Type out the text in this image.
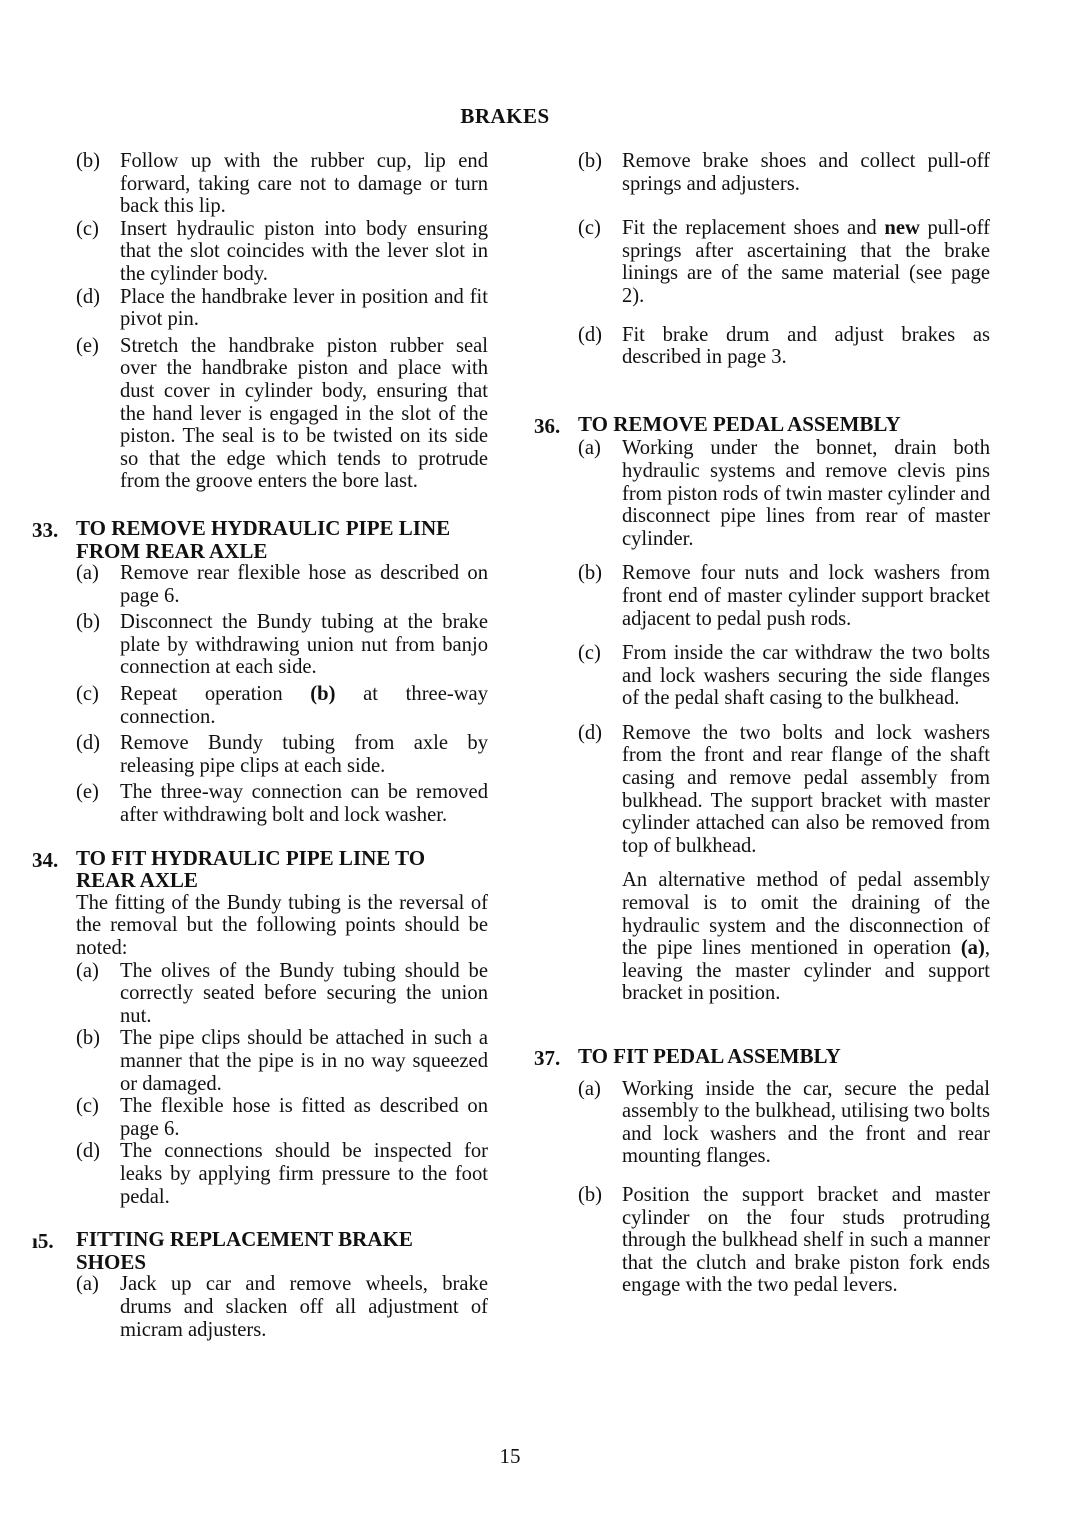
BRAKES
(b) Follow up with the rubber cup, lip end forward, taking care not to damage or turn back this lip.
(c)	Insert hydraulic piston into body ensuring that the slot coincides with the lever slot in the cylinder body.
(d) Place the handbrake lever in position and fit pivot pin.
(e)	Stretch the handbrake piston rubber seal over the handbrake piston and place with dust cover in cylinder body, ensuring that the hand lever is engaged in the slot of the piston. The seal is to be twisted on its side so that the edge which tends to protrude from the groove enters the bore last.
33. TO REMOVE HYDRAULIC PIPE LINE FROM REAR AXLE
(a)	Remove rear flexible hose as described on page 6.
(b) Disconnect the Bundy tubing at the brake plate by withdrawing union nut from banjo connection at each side.
(c)	Repeat operation (b) at three-way connection.
(d) Remove Bundy tubing from axle by releasing pipe clips at each side.
(e)	The three-way connection can be removed after withdrawing bolt and lock washer.
34. TO FIT HYDRAULIC PIPE LINE TO REAR AXLE
The fitting of the Bundy tubing is the reversal of the removal but the following points should be noted:
(a)	The olives of the Bundy tubing should be correctly seated before securing the union nut.
(b) The pipe clips should be attached in such a manner that the pipe is in no way squeezed or damaged.
(c)	The flexible hose is fitted as described on page 6.
(d) The connections should be inspected for leaks by applying firm pressure to the foot pedal.
ı5. FITTING REPLACEMENT BRAKE SHOES
(a)	Jack up car and remove wheels, brake drums and slacken off all adjustment of micram adjusters.
(b) Remove brake shoes and collect pull-off springs and adjusters.
(c)	Fit the replacement shoes and new pull-off springs after ascertaining that the brake linings are of the same material (see page 2).
(d) Fit brake drum and adjust brakes as described in page 3.
36. TO REMOVE PEDAL ASSEMBLY
(a)	Working under the bonnet, drain both hydraulic systems and remove clevis pins from piston rods of twin master cylinder and disconnect pipe lines from rear of master cylinder.
(b) Remove four nuts and lock washers from front end of master cylinder support bracket adjacent to pedal push rods.
(c)	From inside the car withdraw the two bolts and lock washers securing the side flanges of the pedal shaft casing to the bulkhead.
(d) Remove the two bolts and lock washers from the front and rear flange of the shaft casing and remove pedal assembly from bulkhead. The support bracket with master cylinder attached can also be removed from top of bulkhead.
An alternative method of pedal assembly removal is to omit the draining of the hydraulic system and the disconnection of the pipe lines mentioned in operation (a), leaving the master cylinder and support bracket in position.
37. TO FIT PEDAL ASSEMBLY
(a)	Working inside the car, secure the pedal assembly to the bulkhead, utilising two bolts and lock washers and the front and rear mounting flanges.
(b) Position the support bracket and master cylinder on the four studs protruding through the bulkhead shelf in such a manner that the clutch and brake piston fork ends engage with the two pedal levers.
15
